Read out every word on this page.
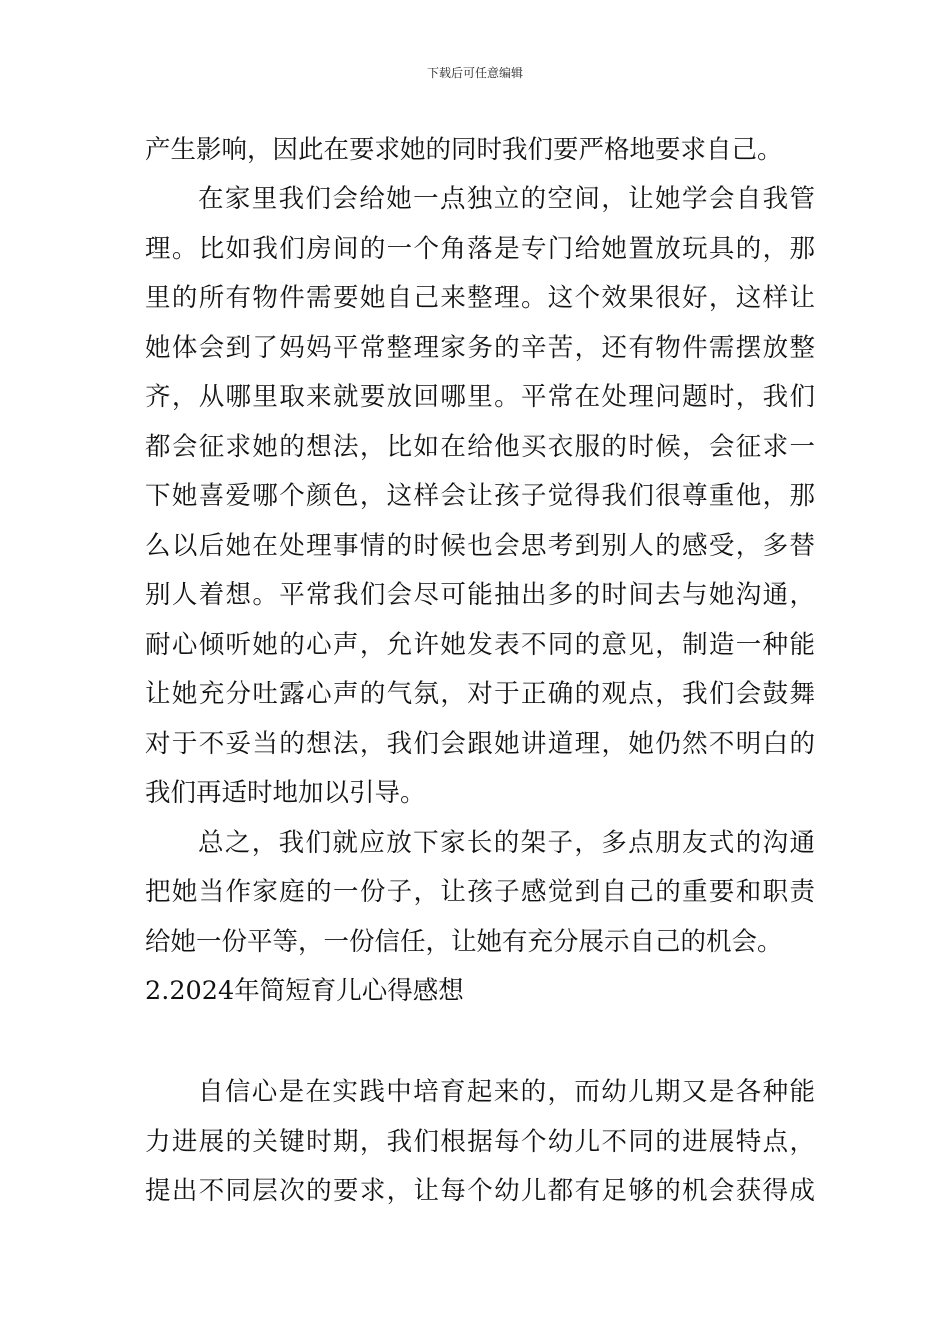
下载后可任意编辑
产生影响，因此在要求她的同时我们要严格地要求自己。
在家里我们会给她一点独立的空间，让她学会自我管
理。比如我们房间的一个角落是专门给她置放玩具的，那
里的所有物件需要她自己来整理。这个效果很好，这样让
她体会到了妈妈平常整理家务的辛苦，还有物件需摆放整
齐，从哪里取来就要放回哪里。平常在处理问题时，我们
都会征求她的想法，比如在给他买衣服的时候，会征求一
下她喜爱哪个颜色，这样会让孩子觉得我们很尊重他，那
么以后她在处理事情的时候也会思考到别人的感受，多替
别人着想。平常我们会尽可能抽出多的时间去与她沟通，
耐心倾听她的心声，允许她发表不同的意见，制造一种能
让她充分吐露心声的气氛，对于正确的观点，我们会鼓舞
对于不妥当的想法，我们会跟她讲道理，她仍然不明白的
我们再适时地加以引导。
总之，我们就应放下家长的架子，多点朋友式的沟通
把她当作家庭的一份子，让孩子感觉到自己的重要和职责
给她一份平等，一份信任，让她有充分展示自己的机会。
2.2024年简短育儿心得感想
自信心是在实践中培育起来的，而幼儿期又是各种能
力进展的关键时期，我们根据每个幼儿不同的进展特点，
提出不同层次的要求，让每个幼儿都有足够的机会获得成
